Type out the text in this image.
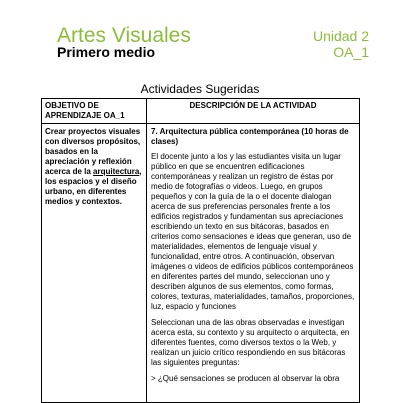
Artes Visuales
Primero medio
Unidad 2
OA_1
Actividades Sugeridas
OBJETIVO DE APRENDIZAJE OA_1	DESCRIPCIÓN DE LA ACTIVIDAD
Crear proyectos visuales con diversos propósitos, basados en la apreciación y reflexión acerca de la arquitectura, los espacios y el diseño urbano, en diferentes medios y contextos.	7. Arquitectura pública contemporánea (10 horas de clases)

El docente junto a los y las estudiantes visita un lugar público en que se encuentren edificaciones contemporáneas y realizan un registro de éstas por medio de fotografías o videos. Luego, en grupos pequeños y con la guía de la o el docente dialogan acerca de sus preferencias personales frente a los edificios registrados y fundamentan sus apreciaciones escribiendo un texto en sus bitácoras, basados en criterios como sensaciones e ideas que generan, uso de materialidades, elementos de lenguaje visual y funcionalidad, entre otros. A continuación, observan imágenes o videos de edificios públicos contemporáneos en diferentes partes del mundo, seleccionan uno y describen algunos de sus elementos, como formas, colores, texturas, materialidades, tamaños, proporciones, luz, espacio y funciones

Seleccionan una de las obras observadas e investigan acerca esta, su contexto y su arquitecto o arquitecta, en diferentes fuentes, como diversos textos o la Web, y realizan un juicio crítico respondiendo en sus bitácoras las siguientes preguntas:

> ¿Qué sensaciones se producen al observar la obra
